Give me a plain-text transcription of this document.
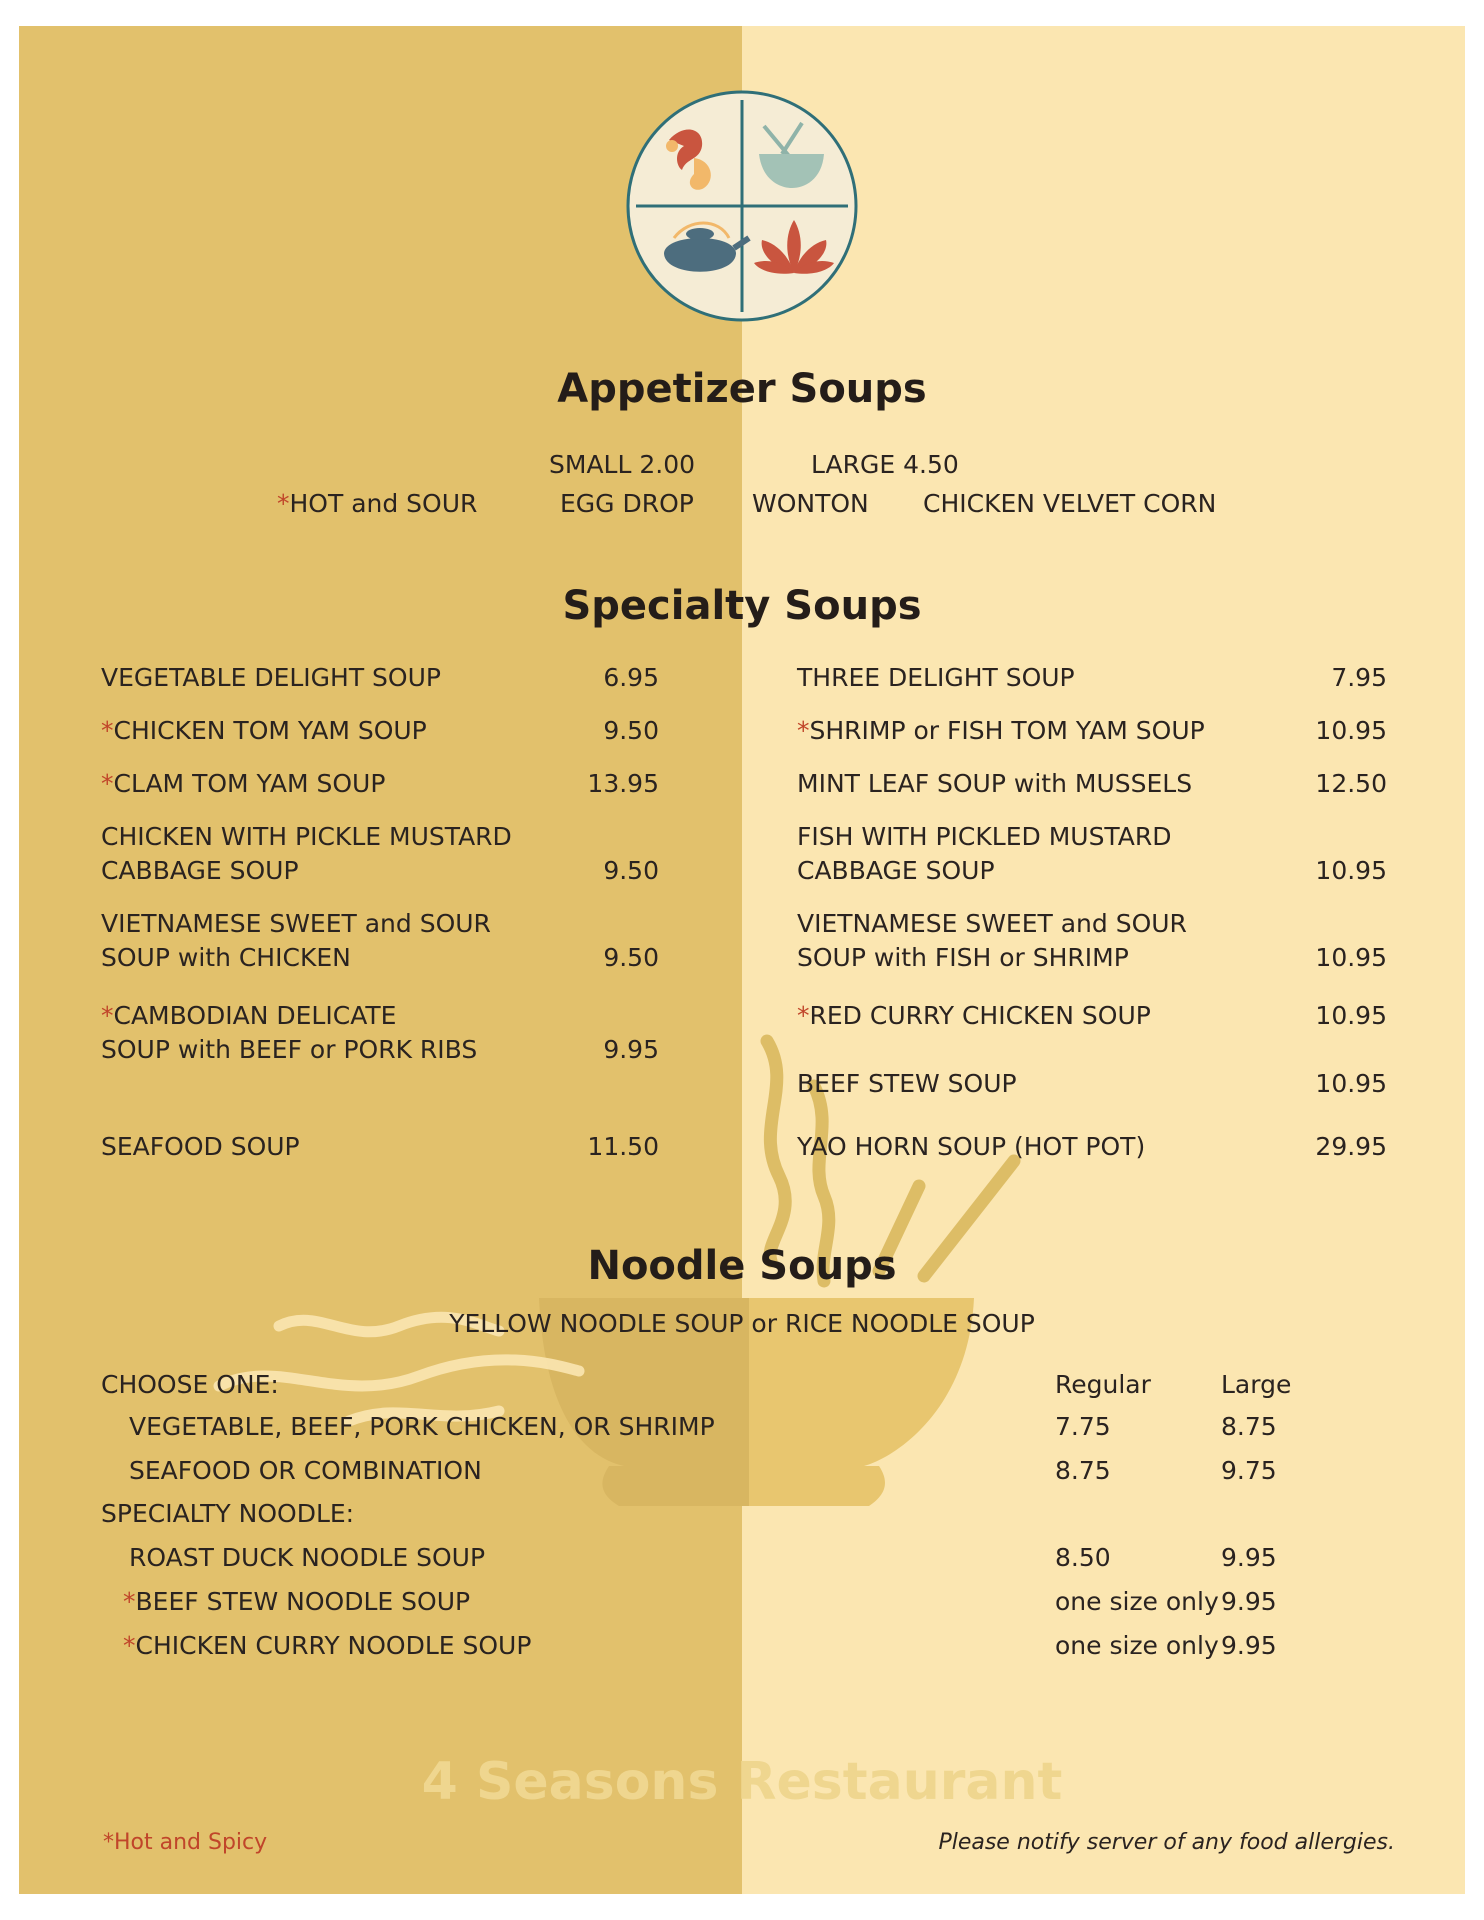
Appetizer Soups
SMALL 2.00	LARGE 4.50
*HOT and SOUR	EGG DROP WONTON CHICKEN VELVET CORN
Specialty Soups
VEGETABLE DELIGHT SOUP	6.95
*CHICKEN TOM YAM SOUP	9.50
*CLAM TOM YAM SOUP	13.95
CHICKEN WITH PICKLE MUSTARD
CABBAGE SOUP	9.50
VIETNAMESE SWEET and SOUR
SOUP with CHICKEN	9.50
*CAMBODIAN DELICATE
SOUP with BEEF or PORK RIBS	9.95
SEAFOOD SOUP	11.50
THREE DELIGHT SOUP	7.95
*SHRIMP or FISH TOM YAM SOUP	10.95
MINT LEAF SOUP with MUSSELS	12.50
FISH WITH PICKLED MUSTARD
CABBAGE SOUP	10.95
VIETNAMESE SWEET and SOUR
SOUP with FISH or SHRIMP	10.95
*RED CURRY CHICKEN SOUP	10.95
BEEF STEW SOUP	10.95
YAO HORN SOUP (HOT POT)	29.95
Noodle Soups
YELLOW NOODLE SOUP or RICE NOODLE SOUP
CHOOSE ONE:	Regular	Large
VEGETABLE, BEEF, PORK CHICKEN, OR SHRIMP	7.75	8.75
SEAFOOD OR COMBINATION	8.75	9.75
SPECIALTY NOODLE:
ROAST DUCK NOODLE SOUP	8.50	9.95
*BEEF STEW NOODLE SOUP	one size only 9.95
*CHICKEN CURRY NOODLE SOUP	one size only 9.95
4 Seasons Restaurant
*Hot and Spicy	Please notify server of any food allergies.
